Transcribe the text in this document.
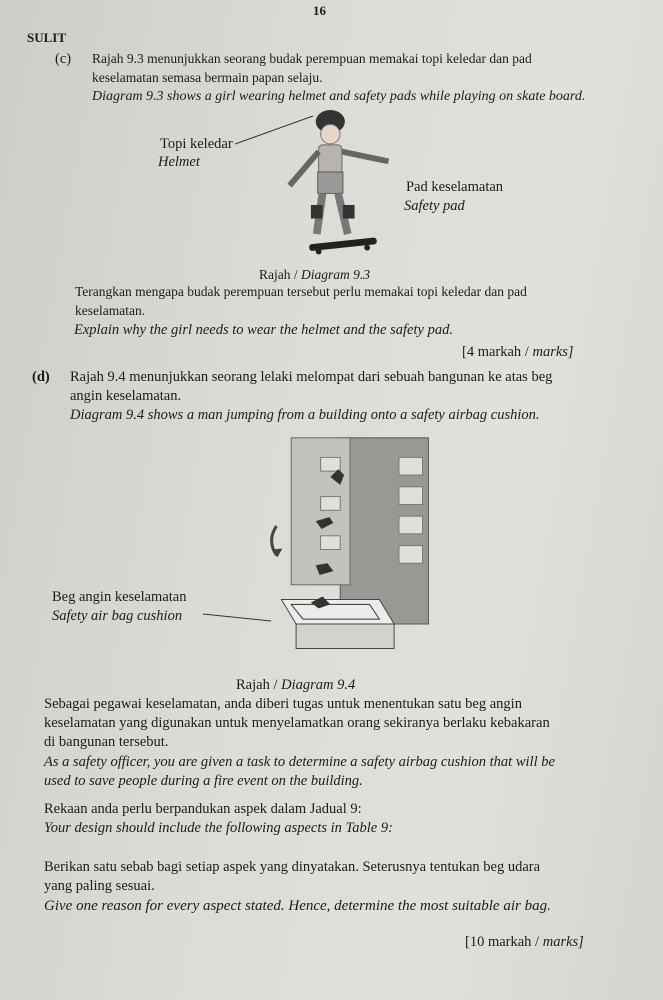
16
SULIT
(c) Rajah 9.3 menunjukkan seorang budak perempuan memakai topi keledar dan pad
keselamatan semasa bermain papan selaju.
Diagram 9.3 shows a girl wearing helmet and safety pads while playing on skate board.
Topi keledar
Helmet
Pad keselamatan
Safety pad
Rajah / Diagram 9.3
Terangkan mengapa budak perempuan tersebut perlu memakai topi keledar dan pad
keselamatan.
Explain why the girl needs to wear the helmet and the safety pad.
[4 markah / marks]
(d) Rajah 9.4 menunjukkan seorang lelaki melompat dari sebuah bangunan ke atas beg
angin keselamatan.
Diagram 9.4 shows a man jumping from a building onto a safety airbag cushion.
Beg angin keselamatan
Safety air bag cushion
Rajah / Diagram 9.4
Sebagai pegawai keselamatan, anda diberi tugas untuk menentukan satu beg angin
keselamatan yang digunakan untuk menyelamatkan orang sekiranya berlaku kebakaran
di bangunan tersebut.
As a safety officer, you are given a task to determine a safety airbag cushion that will be
used to save people during a fire event on the building.
Rekaan anda perlu berpandukan aspek dalam Jadual 9:
Your design should include the following aspects in Table 9:
Berikan satu sebab bagi setiap aspek yang dinyatakan. Seterusnya tentukan beg udara
yang paling sesuai.
Give one reason for every aspect stated. Hence, determine the most suitable air bag.
[10 markah / marks]
